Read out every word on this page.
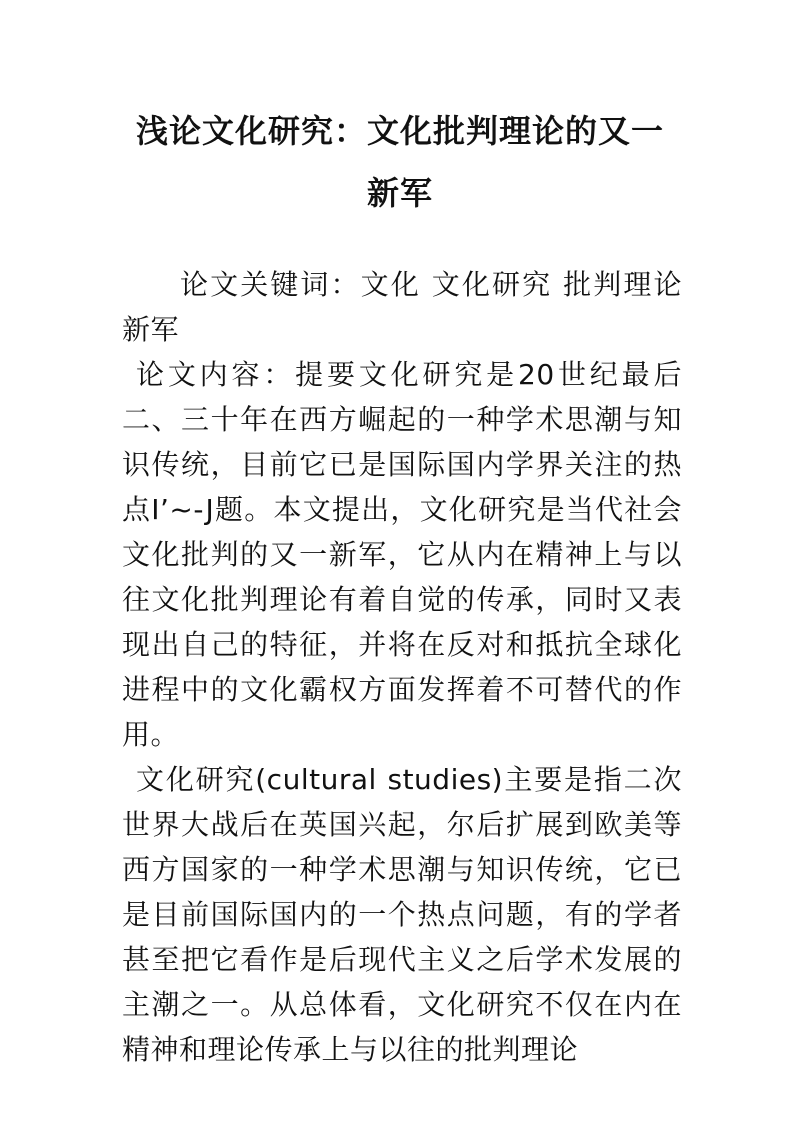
浅论文化研究：文化批判理论的又一
新军

论文关键词：文化 文化研究 批判理论 新军

论文内容：提要文化研究是20世纪最后二、三十年在西方崛起的一种学术思潮与知识传统，目前它已是国际国内学界关注的热点I’~-J题。本文提出，文化研究是当代社会文化批判的又一新军，它从内在精神上与以往文化批判理论有着自觉的传承，同时又表现出自己的特征，并将在反对和抵抗全球化进程中的文化霸权方面发挥着不可替代的作用。

文化研究(cultural studies)主要是指二次世界大战后在英国兴起，尔后扩展到欧美等西方国家的一种学术思潮与知识传统，它已是目前国际国内的一个热点问题，有的学者甚至把它看作是后现代主义之后学术发展的主潮之一。从总体看，文化研究不仅在内在精神和理论传承上与以往的批判理论
